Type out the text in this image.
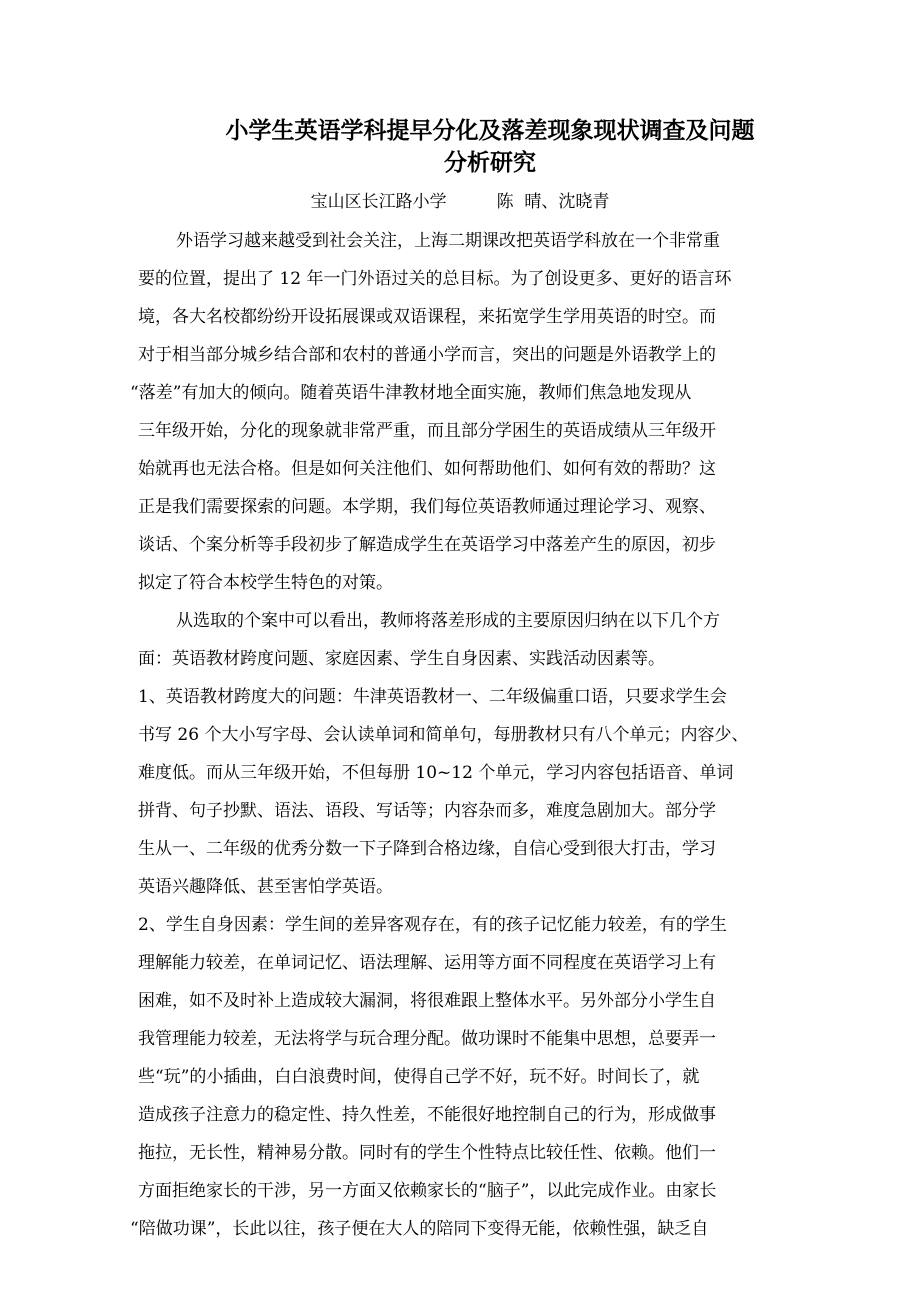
小学生英语学科提早分化及落差现象现状调查及问题
分析研究
宝山区长江路小学	陈  晴、沈晓青
外语学习越来越受到社会关注，上海二期课改把英语学科放在一个非常重
要的位置，提出了 12 年一门外语过关的总目标。为了创设更多、更好的语言环
境，各大名校都纷纷开设拓展课或双语课程，来拓宽学生学用英语的时空。而
对于相当部分城乡结合部和农村的普通小学而言，突出的问题是外语教学上的
“落差”有加大的倾向。随着英语牛津教材地全面实施，教师们焦急地发现从
三年级开始，分化的现象就非常严重，而且部分学困生的英语成绩从三年级开
始就再也无法合格。但是如何关注他们、如何帮助他们、如何有效的帮助？这
正是我们需要探索的问题。本学期，我们每位英语教师通过理论学习、观察、
谈话、个案分析等手段初步了解造成学生在英语学习中落差产生的原因，初步
拟定了符合本校学生特色的对策。
从选取的个案中可以看出，教师将落差形成的主要原因归纳在以下几个方
面：英语教材跨度问题、家庭因素、学生自身因素、实践活动因素等。
1、英语教材跨度大的问题：牛津英语教材一、二年级偏重口语，只要求学生会
书写 26 个大小写字母、会认读单词和简单句，每册教材只有八个单元；内容少、
难度低。而从三年级开始，不但每册 10~12 个单元，学习内容包括语音、单词
拼背、句子抄默、语法、语段、写话等；内容杂而多，难度急剧加大。部分学
生从一、二年级的优秀分数一下子降到合格边缘，自信心受到很大打击，学习
英语兴趣降低、甚至害怕学英语。
2、学生自身因素：学生间的差异客观存在，有的孩子记忆能力较差，有的学生
理解能力较差，在单词记忆、语法理解、运用等方面不同程度在英语学习上有
困难，如不及时补上造成较大漏洞，将很难跟上整体水平。另外部分小学生自
我管理能力较差，无法将学与玩合理分配。做功课时不能集中思想，总要弄一
些“玩”的小插曲，白白浪费时间，使得自己学不好，玩不好。时间长了，就
造成孩子注意力的稳定性、持久性差，不能很好地控制自己的行为，形成做事
拖拉，无长性，精神易分散。同时有的学生个性特点比较任性、依赖。他们一
方面拒绝家长的干涉，另一方面又依赖家长的“脑子”，以此完成作业。由家长
“陪做功课”，长此以往，孩子便在大人的陪同下变得无能，依赖性强，缺乏自
